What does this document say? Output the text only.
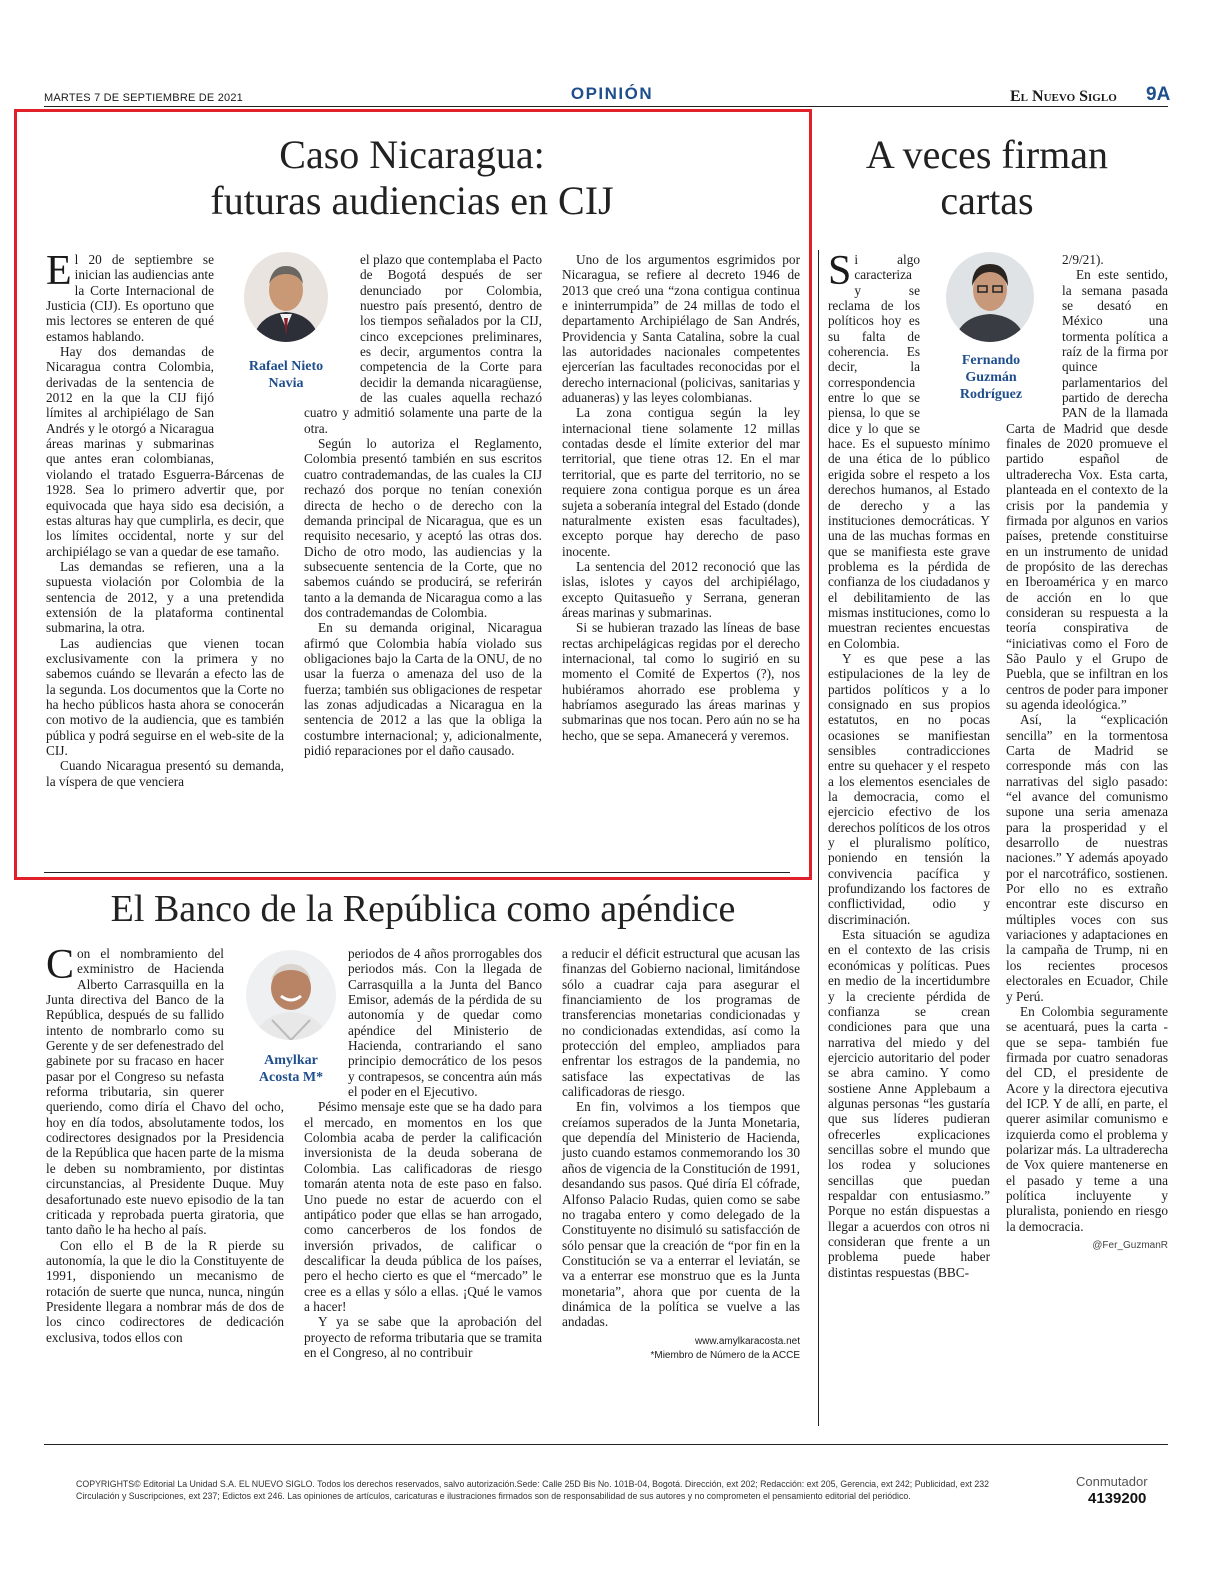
MARTES 7 DE SEPTIEMBRE DE 2021	OPINIÓN	El Nuevo Siglo 9A
Caso Nicaragua:
futuras audiencias en CIJ
Rafael Nieto
Navia

El 20 de septiembre se inician las audiencias ante la Corte Internacional de Justicia (CIJ). Es oportuno que mis lectores se enteren de qué estamos hablando.

Hay dos demandas de Nicaragua contra Colombia, derivadas de la sentencia de 2012 en la que la CIJ fijó límites al archipiélago de San Andrés y le otorgó a Nicaragua áreas marinas y submarinas que antes eran colombianas, violando el tratado Esguerra-Bárcenas de 1928. Sea lo primero advertir que, por equivocada que haya sido esa decisión, a estas alturas hay que cumplirla, es decir, que los límites occidental, norte y sur del archipiélago se van a quedar de ese tamaño.

Las demandas se refieren, una a la supuesta violación por Colombia de la sentencia de 2012, y a una pretendida extensión de la plataforma continental submarina, la otra.

Las audiencias que vienen tocan exclusivamente con la primera y no sabemos cuándo se llevarán a efecto las de la segunda. Los documentos que la Corte no ha hecho públicos hasta ahora se conocerán con motivo de la audiencia, que es también pública y podrá seguirse en el web-site de la CIJ.

Cuando Nicaragua presentó su demanda, la víspera de que venciera

el plazo que contemplaba el Pacto de Bogotá después de ser denunciado por Colombia, nuestro país presentó, dentro de los tiempos señalados por la CIJ, cinco excepciones preliminares, es decir, argumentos contra la competencia de la Corte para decidir la demanda nicaragüense, de las cuales aquella rechazó cuatro y admitió solamente una parte de la otra.

Según lo autoriza el Reglamento, Colombia presentó también en sus escritos cuatro contrademandas, de las cuales la CIJ rechazó dos porque no tenían conexión directa de hecho o de derecho con la demanda principal de Nicaragua, que es un requisito necesario, y aceptó las otras dos. Dicho de otro modo, las audiencias y la subsecuente sentencia de la Corte, que no sabemos cuándo se producirá, se referirán tanto a la demanda de Nicaragua como a las dos contrademandas de Colombia.

En su demanda original, Nicaragua afirmó que Colombia había violado sus obligaciones bajo la Carta de la ONU, de no usar la fuerza o amenaza del uso de la fuerza; también sus obligaciones de respetar las zonas adjudicadas a Nicaragua en la sentencia de 2012 a las que la obliga la costumbre internacional; y, adicionalmente, pidió reparaciones por el daño causado.

Uno de los argumentos esgrimidos por Nicaragua, se refiere al decreto 1946 de 2013 que creó una “zona contigua continua e ininterrumpida” de 24 millas de todo el departamento Archipiélago de San Andrés, Providencia y Santa Catalina, sobre la cual las autoridades nacionales competentes ejercerían las facultades reconocidas por el derecho internacional (policivas, sanitarias y aduaneras) y las leyes colombianas.

La zona contigua según la ley internacional tiene solamente 12 millas contadas desde el límite exterior del mar territorial, que tiene otras 12. En el mar territorial, que es parte del territorio, no se requiere zona contigua porque es un área sujeta a soberanía integral del Estado (donde naturalmente existen esas facultades), excepto porque hay derecho de paso inocente.

La sentencia del 2012 reconoció que las islas, islotes y cayos del archipiélago, excepto Quitasueño y Serrana, generan áreas marinas y submarinas.

Si se hubieran trazado las líneas de base rectas archipelágicas regidas por el derecho internacional, tal como lo sugirió en su momento el Comité de Expertos (?), nos hubiéramos ahorrado ese problema y habríamos asegurado las áreas marinas y submarinas que nos tocan. Pero aún no se ha hecho, que se sepa. Amanecerá y veremos.

El Banco de la República como apéndice
Amylkar
Acosta M*

Con el nombramiento del exministro de Hacienda Alberto Carrasquilla en la Junta directiva del Banco de la República, después de su fallido intento de nombrarlo como su Gerente y de ser defenestrado del gabinete por su fracaso en hacer pasar por el Congreso su nefasta reforma tributaria, sin querer queriendo, como diría el Chavo del ocho, hoy en día todos, absolutamente todos, los codirectores designados por la Presidencia de la República que hacen parte de la misma le deben su nombramiento, por distintas circunstancias, al Presidente Duque. Muy desafortunado este nuevo episodio de la tan criticada y reprobada puerta giratoria, que tanto daño le ha hecho al país.

Con ello el B de la R pierde su autonomía, la que le dio la Constituyente de 1991, disponiendo un mecanismo de rotación de suerte que nunca, nunca, ningún Presidente llegara a nombrar más de dos de los cinco codirectores de dedicación exclusiva, todos ellos con

periodos de 4 años prorrogables dos periodos más. Con la llegada de Carrasquilla a la Junta del Banco Emisor, además de la pérdida de su autonomía y de quedar como apéndice del Ministerio de Hacienda, contrariando el sano principio democrático de los pesos y contrapesos, se concentra aún más el poder en el Ejecutivo.

Pésimo mensaje este que se ha dado para el mercado, en momentos en los que Colombia acaba de perder la calificación inversionista de la deuda soberana de Colombia. Las calificadoras de riesgo tomarán atenta nota de este paso en falso. Uno puede no estar de acuerdo con el antipático poder que ellas se han arrogado, como cancerberos de los fondos de inversión privados, de calificar o descalificar la deuda pública de los países, pero el hecho cierto es que el “mercado” le cree es a ellas y sólo a ellas. ¡Qué le vamos a hacer!

Y ya se sabe que la aprobación del proyecto de reforma tributaria que se tramita en el Congreso, al no contribuir

a reducir el déficit estructural que acusan las finanzas del Gobierno nacional, limitándose sólo a cuadrar caja para asegurar el financiamiento de los programas de transferencias monetarias condicionadas y no condicionadas extendidas, así como la protección del empleo, ampliados para enfrentar los estragos de la pandemia, no satisface las expectativas de las calificadoras de riesgo.

En fin, volvimos a los tiempos que creíamos superados de la Junta Monetaria, que dependía del Ministerio de Hacienda, justo cuando estamos conmemorando los 30 años de vigencia de la Constitución de 1991, desandando sus pasos. Qué diría El cófrade, Alfonso Palacio Rudas, quien como se sabe no tragaba entero y como delegado de la Constituyente no disimuló su satisfacción de sólo pensar que la creación de “por fin en la Constitución se va a enterrar el leviatán, se va a enterrar ese monstruo que es la Junta monetaria”, ahora que por cuenta de la dinámica de la política se vuelve a las andadas.

www.amylkaracosta.net
*Miembro de Número de la ACCE
A veces firman
cartas
Fernando
Guzmán
Rodríguez

Si algo caracteriza y se reclama de los políticos hoy es su falta de coherencia. Es decir, la correspondencia entre lo que se piensa, lo que se dice y lo que se hace. Es el supuesto mínimo de una ética de lo público erigida sobre el respeto a los derechos humanos, al Estado de derecho y a las instituciones democráticas. Y una de las muchas formas en que se manifiesta este grave problema es la pérdida de confianza de los ciudadanos y el debilitamiento de las mismas instituciones, como lo muestran recientes encuestas en Colombia.

Y es que pese a las estipulaciones de la ley de partidos políticos y a lo consignado en sus propios estatutos, en no pocas ocasiones se manifiestan sensibles contradicciones entre su quehacer y el respeto a los elementos esenciales de la democracia, como el ejercicio efectivo de los derechos políticos de los otros y el pluralismo político, poniendo en tensión la convivencia pacífica y profundizando los factores de conflictividad, odio y discriminación.

Esta situación se agudiza en el contexto de las crisis económicas y políticas. Pues en medio de la incertidumbre y la creciente pérdida de confianza se crean condiciones para que una narrativa del miedo y del ejercicio autoritario del poder se abra camino. Y como sostiene Anne Applebaum a algunas personas “les gustaría que sus líderes pudieran ofrecerles explicaciones sencillas sobre el mundo que los rodea y soluciones sencillas que puedan respaldar con entusiasmo.” Porque no están dispuestas a llegar a acuerdos con otros ni consideran que frente a un problema puede haber distintas respuestas (BBC-

2/9/21).

En este sentido, la semana pasada se desató en México una tormenta política a raíz de la firma por quince parlamentarios del partido de derecha PAN de la llamada Carta de Madrid que desde finales de 2020 promueve el partido español de ultraderecha Vox. Esta carta, planteada en el contexto de la crisis por la pandemia y firmada por algunos en varios países, pretende constituirse en un instrumento de unidad de propósito de las derechas en Iberoamérica y en marco de acción en lo que consideran su respuesta a la teoría conspirativa de “iniciativas como el Foro de São Paulo y el Grupo de Puebla, que se infiltran en los centros de poder para imponer su agenda ideológica.”

Así, la “explicación sencilla” en la tormentosa Carta de Madrid se corresponde más con las narrativas del siglo pasado: “el avance del comunismo supone una seria amenaza para la prosperidad y el desarrollo de nuestras naciones.” Y además apoyado por el narcotráfico, sostienen. Por ello no es extraño encontrar este discurso en múltiples voces con sus variaciones y adaptaciones en la campaña de Trump, ni en los recientes procesos electorales en Ecuador, Chile y Perú.

En Colombia seguramente se acentuará, pues la carta -que se sepa- también fue firmada por cuatro senadoras del CD, el presidente de Acore y la directora ejecutiva del ICP. Y de allí, en parte, el querer asimilar comunismo e izquierda como el problema y polarizar más. La ultraderecha de Vox quiere mantenerse en el pasado y teme a una política incluyente y pluralista, poniendo en riesgo la democracia.

@Fer_GuzmanR
COPYRIGHTS© Editorial La Unidad S.A. EL NUEVO SIGLO. Todos los derechos reservados, salvo autorización.Sede: Calle 25D Bis No. 101B-04, Bogotá. Dirección, ext 202; Redacción: ext 205, Gerencia, ext 242; Publicidad, ext 232
Circulación y Suscripciones, ext 237; Edictos ext 246. Las opiniones de artículos, caricaturas e ilustraciones firmados son de responsabilidad de sus autores y no comprometen el pensamiento editorial del periódico.
Conmutador
4139200
